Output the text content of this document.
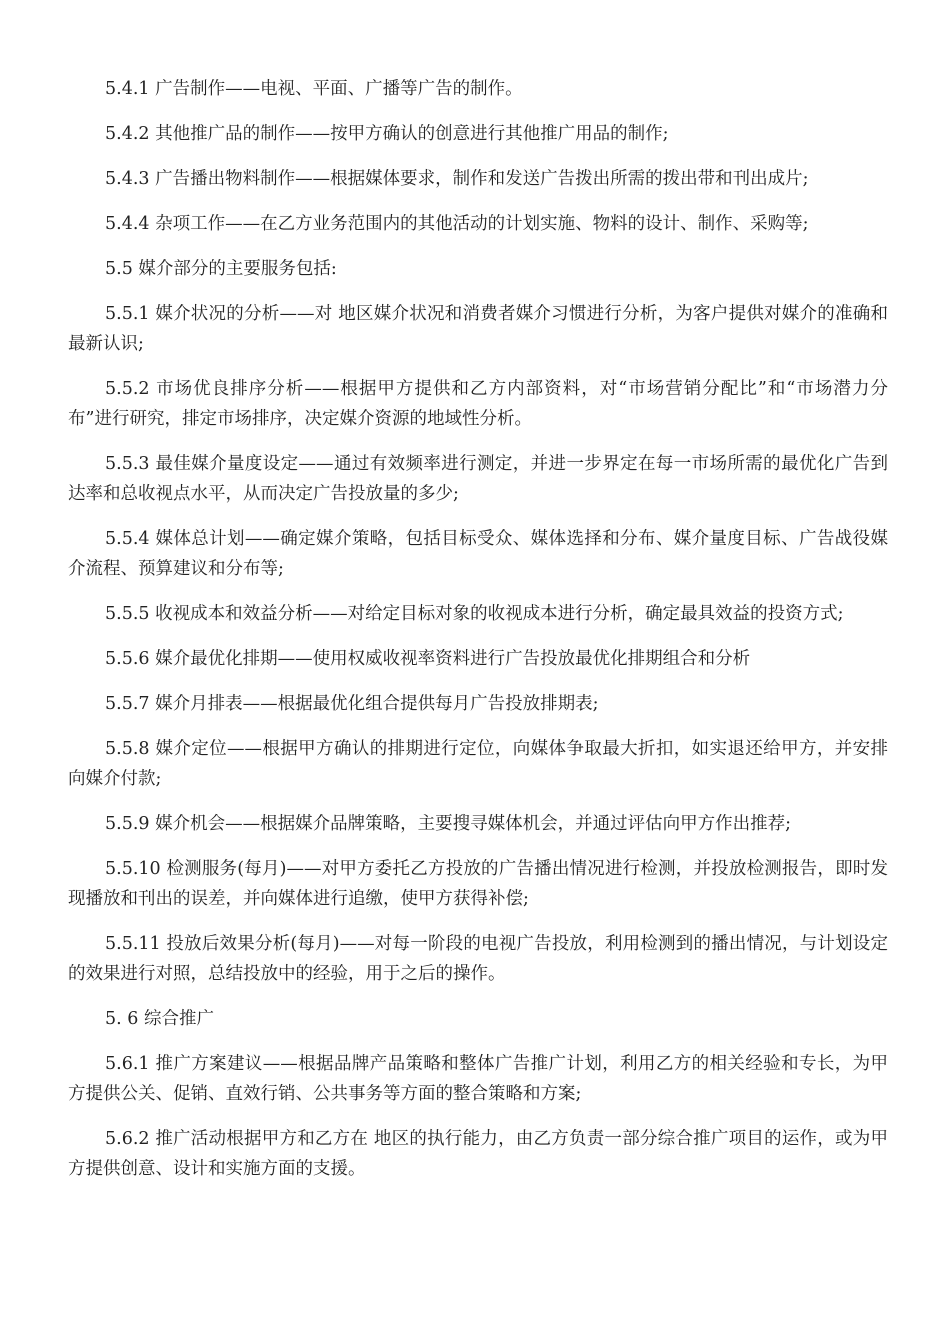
5.4.1 广告制作——电视、平面、广播等广告的制作。

5.4.2 其他推广品的制作——按甲方确认的创意进行其他推广用品的制作;

5.4.3 广告播出物料制作——根据媒体要求，制作和发送广告拨出所需的拨出带和刊出成片;

5.4.4 杂项工作——在乙方业务范围内的其他活动的计划实施、物料的设计、制作、采购等;

5.5 媒介部分的主要服务包括:

5.5.1 媒介状况的分析——对 地区媒介状况和消费者媒介习惯进行分析，为客户提供对媒介的准确和最新认识;

5.5.2 市场优良排序分析——根据甲方提供和乙方内部资料，对“市场营销分配比”和“市场潜力分布”进行研究，排定市场排序，决定媒介资源的地域性分析。

5.5.3 最佳媒介量度设定——通过有效频率进行测定，并进一步界定在每一市场所需的最优化广告到达率和总收视点水平，从而决定广告投放量的多少;

5.5.4 媒体总计划——确定媒介策略，包括目标受众、媒体选择和分布、媒介量度目标、广告战役媒介流程、预算建议和分布等;

5.5.5 收视成本和效益分析——对给定目标对象的收视成本进行分析，确定最具效益的投资方式;

5.5.6 媒介最优化排期——使用权威收视率资料进行广告投放最优化排期组合和分析

5.5.7 媒介月排表——根据最优化组合提供每月广告投放排期表;

5.5.8 媒介定位——根据甲方确认的排期进行定位，向媒体争取最大折扣，如实退还给甲方，并安排向媒介付款;

5.5.9 媒介机会——根据媒介品牌策略，主要搜寻媒体机会，并通过评估向甲方作出推荐;

5.5.10 检测服务(每月)——对甲方委托乙方投放的广告播出情况进行检测，并投放检测报告，即时发现播放和刊出的误差，并向媒体进行追缴，使甲方获得补偿;

5.5.11 投放后效果分析(每月)——对每一阶段的电视广告投放，利用检测到的播出情况，与计划设定的效果进行对照，总结投放中的经验，用于之后的操作。

5. 6 综合推广

5.6.1 推广方案建议——根据品牌产品策略和整体广告推广计划，利用乙方的相关经验和专长，为甲方提供公关、促销、直效行销、公共事务等方面的整合策略和方案;

5.6.2 推广活动根据甲方和乙方在 地区的执行能力，由乙方负责一部分综合推广项目的运作，或为甲方提供创意、设计和实施方面的支援。
